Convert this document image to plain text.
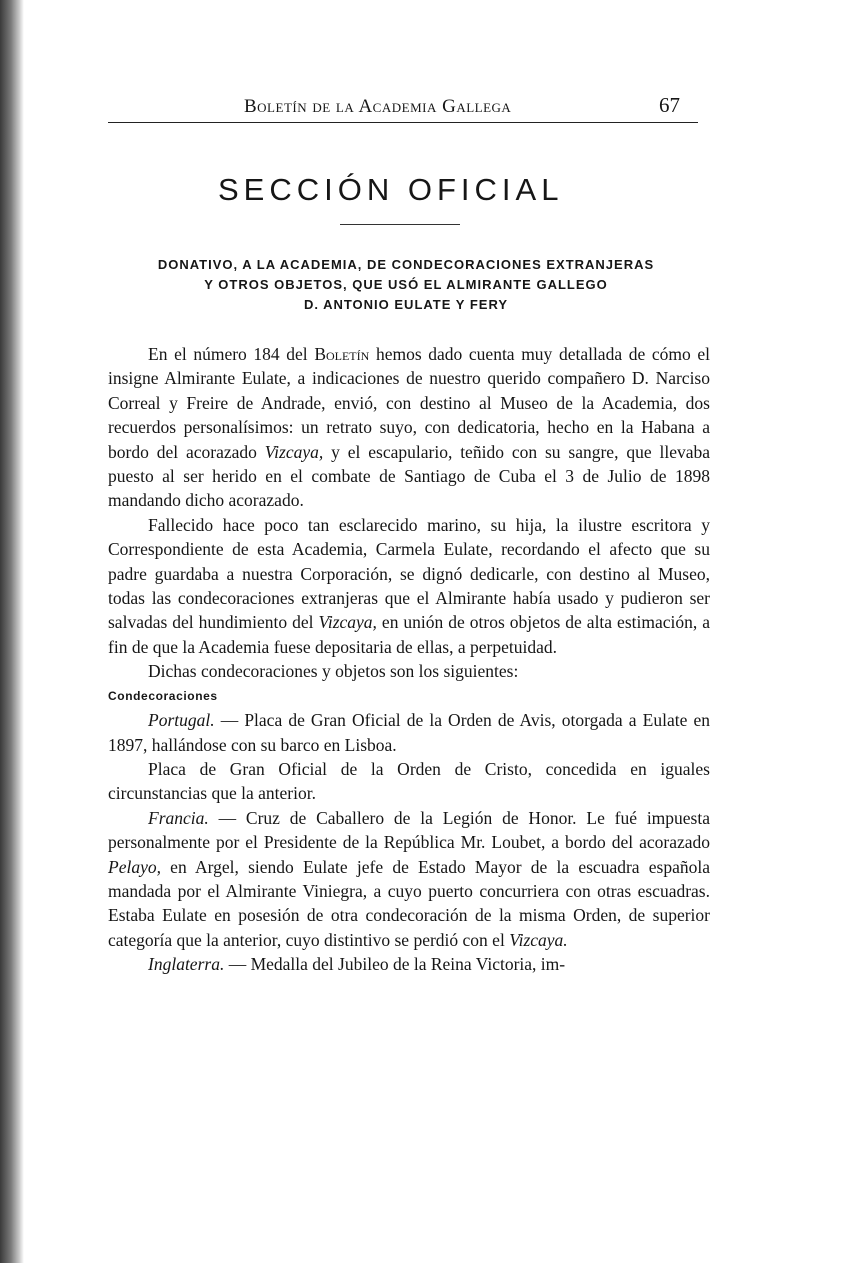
Boletín de la Academia Gallega	67
SECCIÓN OFICIAL
DONATIVO, A LA ACADEMIA, DE CONDECORACIONES EXTRANJERAS
Y OTROS OBJETOS, QUE USÓ EL ALMIRANTE GALLEGO
D. ANTONIO EULATE Y FERY

En el número 184 del Boletín hemos dado cuenta muy detallada de cómo el insigne Almirante Eulate, a indicaciones de nuestro querido compañero D. Narciso Correal y Freire de Andrade, envió, con destino al Museo de la Academia, dos recuerdos personalísimos: un retrato suyo, con dedicatoria, hecho en la Habana a bordo del acorazado Vizcaya, y el escapulario, teñido con su sangre, que llevaba puesto al ser herido en el combate de Santiago de Cuba el 3 de Julio de 1898 mandando dicho acorazado.

Fallecido hace poco tan esclarecido marino, su hija, la ilustre escritora y Correspondiente de esta Academia, Carmela Eulate, recordando el afecto que su padre guardaba a nuestra Corporación, se dignó dedicarle, con destino al Museo, todas las condecoraciones extranjeras que el Almirante había usado y pudieron ser salvadas del hundimiento del Vizcaya, en unión de otros objetos de alta estimación, a fin de que la Academia fuese depositaria de ellas, a perpetuidad.

Dichas condecoraciones y objetos son los siguientes:

Condecoraciones

Portugal. — Placa de Gran Oficial de la Orden de Avis, otorgada a Eulate en 1897, hallándose con su barco en Lisboa.

Placa de Gran Oficial de la Orden de Cristo, concedida en iguales circunstancias que la anterior.

Francia. — Cruz de Caballero de la Legión de Honor. Le fué impuesta personalmente por el Presidente de la República Mr. Loubet, a bordo del acorazado Pelayo, en Argel, siendo Eulate jefe de Estado Mayor de la escuadra española mandada por el Almirante Viniegra, a cuyo puerto concurriera con otras escuadras. Estaba Eulate en posesión de otra condecoración de la misma Orden, de superior categoría que la anterior, cuyo distintivo se perdió con el Vizcaya.

Inglaterra. — Medalla del Jubileo de la Reina Victoria, im-
